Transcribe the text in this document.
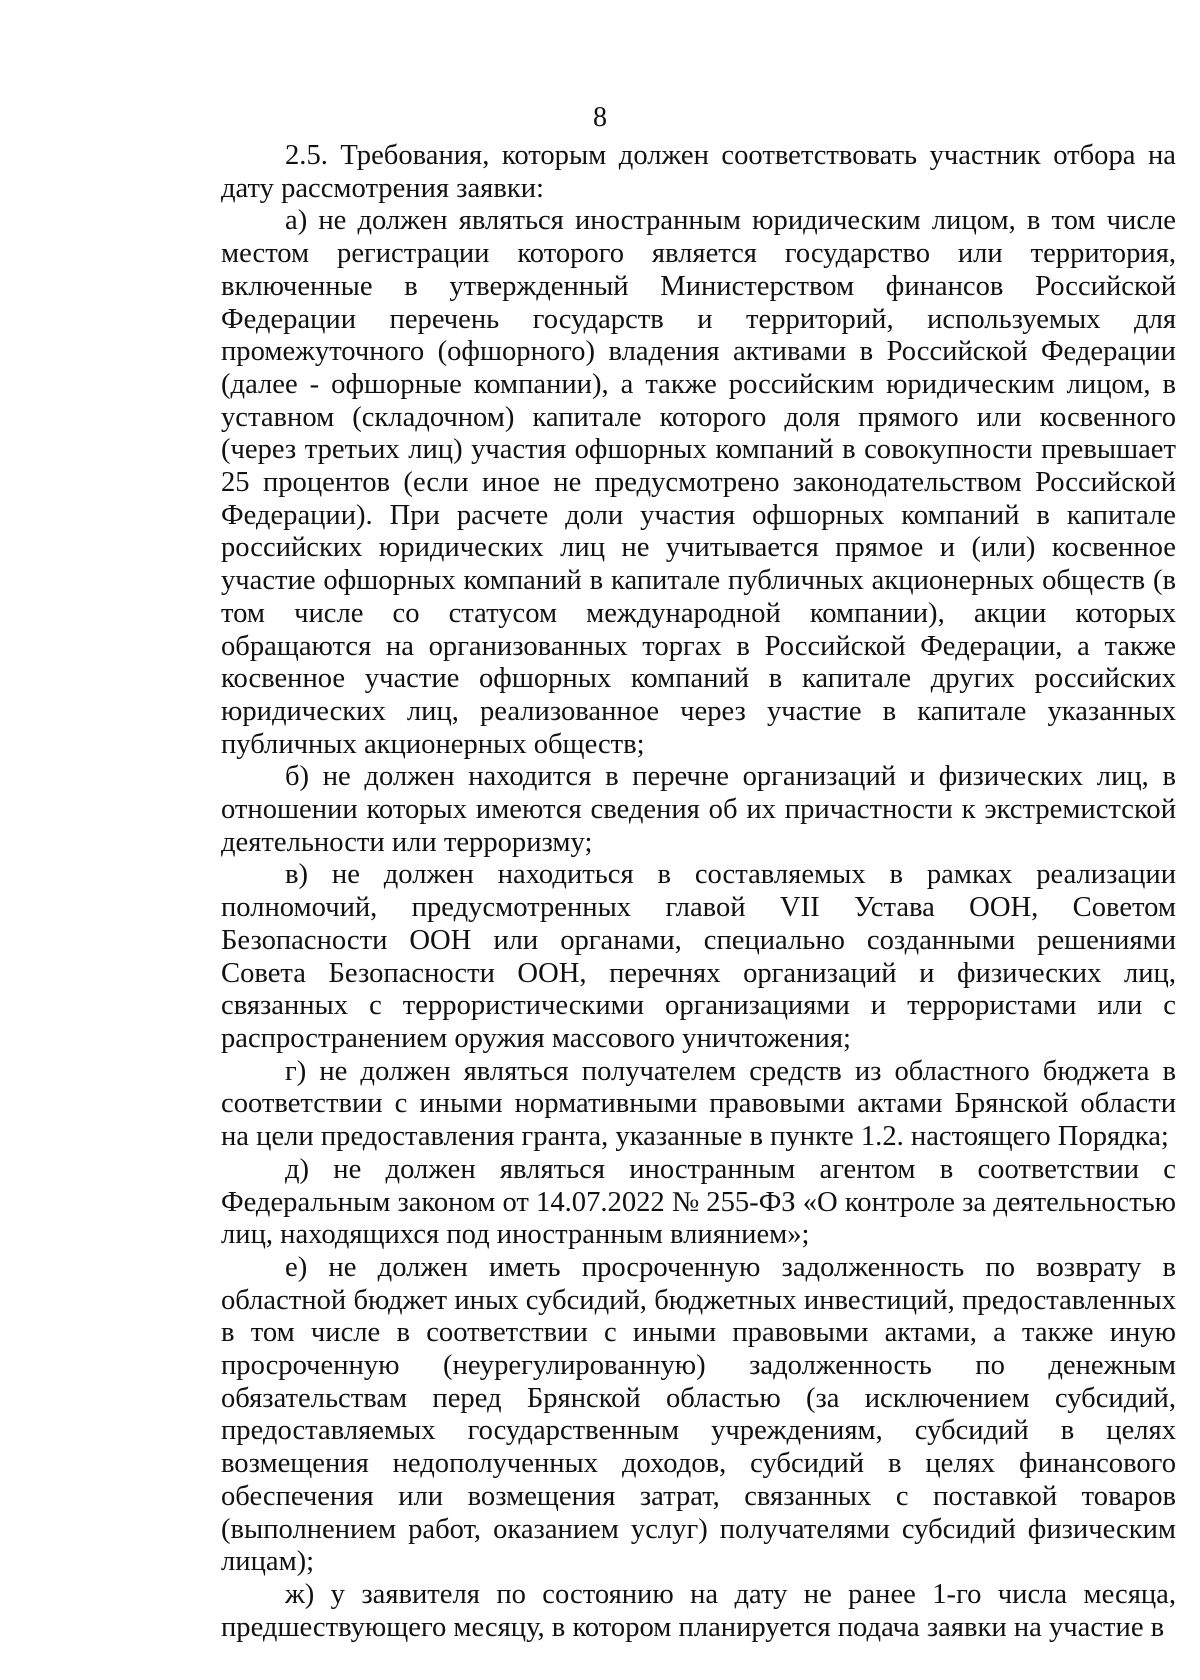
8

2.5. Требования, которым должен соответствовать участник отбора на дату рассмотрения заявки:

а) не должен являться иностранным юридическим лицом, в том числе местом регистрации которого является государство или территория, включенные в утвержденный Министерством финансов Российской Федерации перечень государств и территорий, используемых для промежуточного (офшорного) владения активами в Российской Федерации (далее - офшорные компании), а также российским юридическим лицом, в уставном (складочном) капитале которого доля прямого или косвенного (через третьих лиц) участия офшорных компаний в совокупности превышает 25 процентов (если иное не предусмотрено законодательством Российской Федерации). При расчете доли участия офшорных компаний в капитале российских юридических лиц не учитывается прямое и (или) косвенное участие офшорных компаний в капитале публичных акционерных обществ (в том числе со статусом международной компании), акции которых обращаются на организованных торгах в Российской Федерации, а также косвенное участие офшорных компаний в капитале других российских юридических лиц, реализованное через участие в капитале указанных публичных акционерных обществ;

б) не должен находится в перечне организаций и физических лиц, в отношении которых имеются сведения об их причастности к экстремистской деятельности или терроризму;

в) не должен находиться в составляемых в рамках реализации полномочий, предусмотренных главой VII Устава ООН, Советом Безопасности ООН или органами, специально созданными решениями Совета Безопасности ООН, перечнях организаций и физических лиц, связанных с террористическими организациями и террористами или с распространением оружия массового уничтожения;

г) не должен являться получателем средств из областного бюджета в соответствии с иными нормативными правовыми актами Брянской области на цели предоставления гранта, указанные в пункте 1.2. настоящего Порядка;

д) не должен являться иностранным агентом в соответствии с Федеральным законом от 14.07.2022 № 255-ФЗ «О контроле за деятельностью лиц, находящихся под иностранным влиянием»;

е) не должен иметь просроченную задолженность по возврату в областной бюджет иных субсидий, бюджетных инвестиций, предоставленных в том числе в соответствии с иными правовыми актами, а также иную просроченную (неурегулированную) задолженность по денежным обязательствам перед Брянской областью (за исключением субсидий, предоставляемых государственным учреждениям, субсидий в целях возмещения недополученных доходов, субсидий в целях финансового обеспечения или возмещения затрат, связанных с поставкой товаров (выполнением работ, оказанием услуг) получателями субсидий физическим лицам);

ж) у заявителя по состоянию на дату не ранее 1-го числа месяца, предшествующего месяцу, в котором планируется подача заявки на участие в
